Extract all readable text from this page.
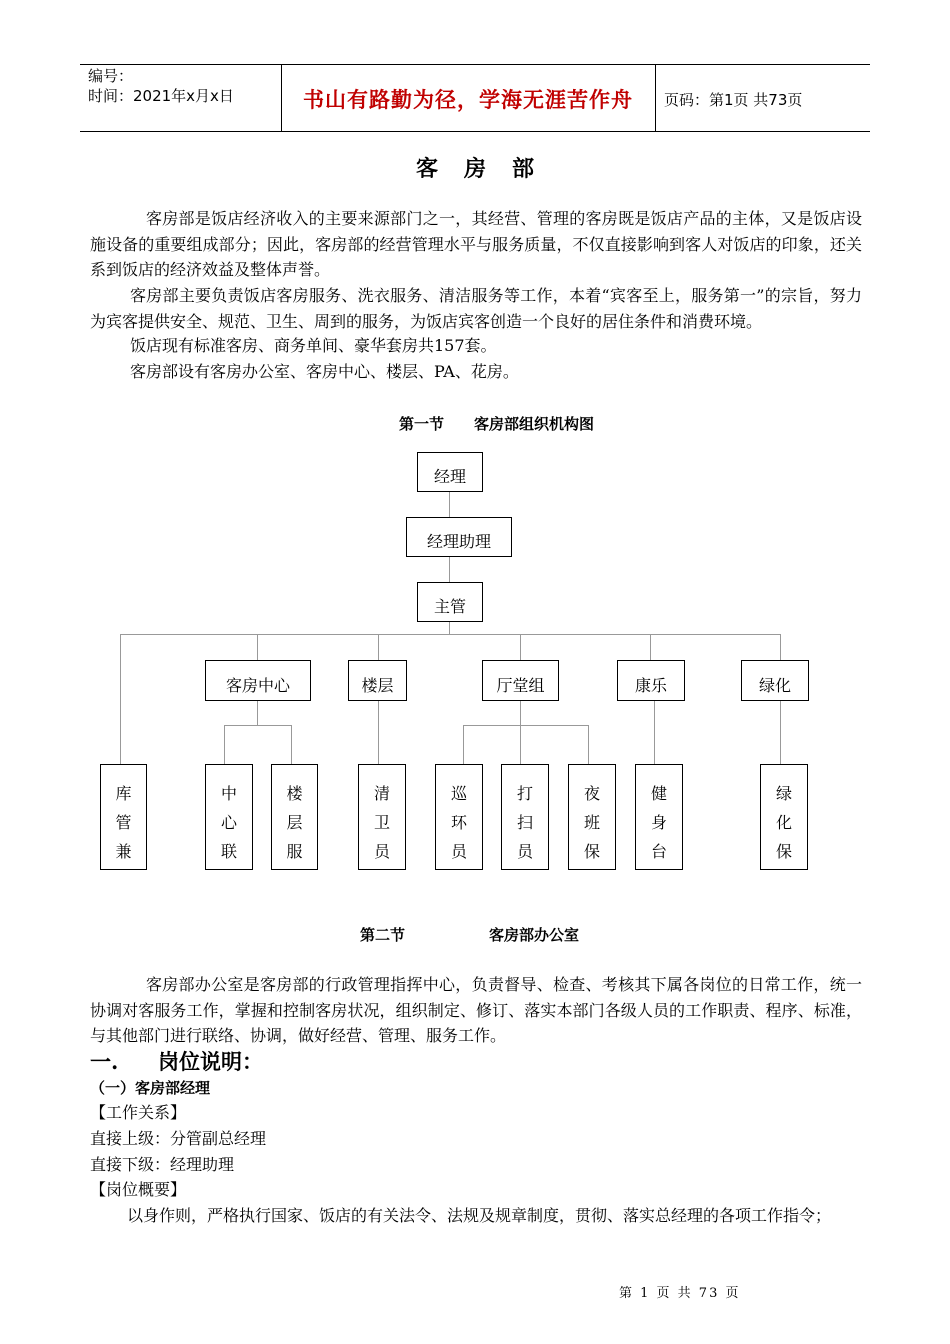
编号：
时间：2021年x月x日	书山有路勤为径，学海无涯苦作舟	页码：第1页 共73页
客房部
客房部是饭店经济收入的主要来源部门之一，其经营、管理的客房既是饭店产品的主体，又是饭店设施设备的重要组成部分；因此，客房部的经营管理水平与服务质量，不仅直接影响到客人对饭店的印象，还关系到饭店的经济效益及整体声誉。
客房部主要负责饭店客房服务、洗衣服务、清洁服务等工作，本着“宾客至上，服务第一”的宗旨，努力为宾客提供安全、规范、卫生、周到的服务，为饭店宾客创造一个良好的居住条件和消费环境。
饭店现有标准客房、商务单间、豪华套房共157套。
客房部设有客房办公室、客房中心、楼层、PA、花房。
第一节 客房部组织机构图
经理
经理助理
主管
客房中心	楼层	厅堂组	康乐	绿化
库
管
兼
中
心
联
楼
层
服
清
卫
员
巡
环
员
打
扫
员
夜
班
保
健
身
台
绿
化
保
第二节	客房部办公室
客房部办公室是客房部的行政管理指挥中心，负责督导、检查、考核其下属各岗位的日常工作，统一协调对客服务工作，掌握和控制客房状况，组织制定、修订、落实本部门各级人员的工作职责、程序、标准，与其他部门进行联络、协调，做好经营、管理、服务工作。
一. 岗位说明：
（一）客房部经理
【工作关系】
直接上级：分管副总经理
直接下级：经理助理
【岗位概要】
以身作则，严格执行国家、饭店的有关法令、法规及规章制度，贯彻、落实总经理的各项工作指令；
第 1 页 共 73 页
